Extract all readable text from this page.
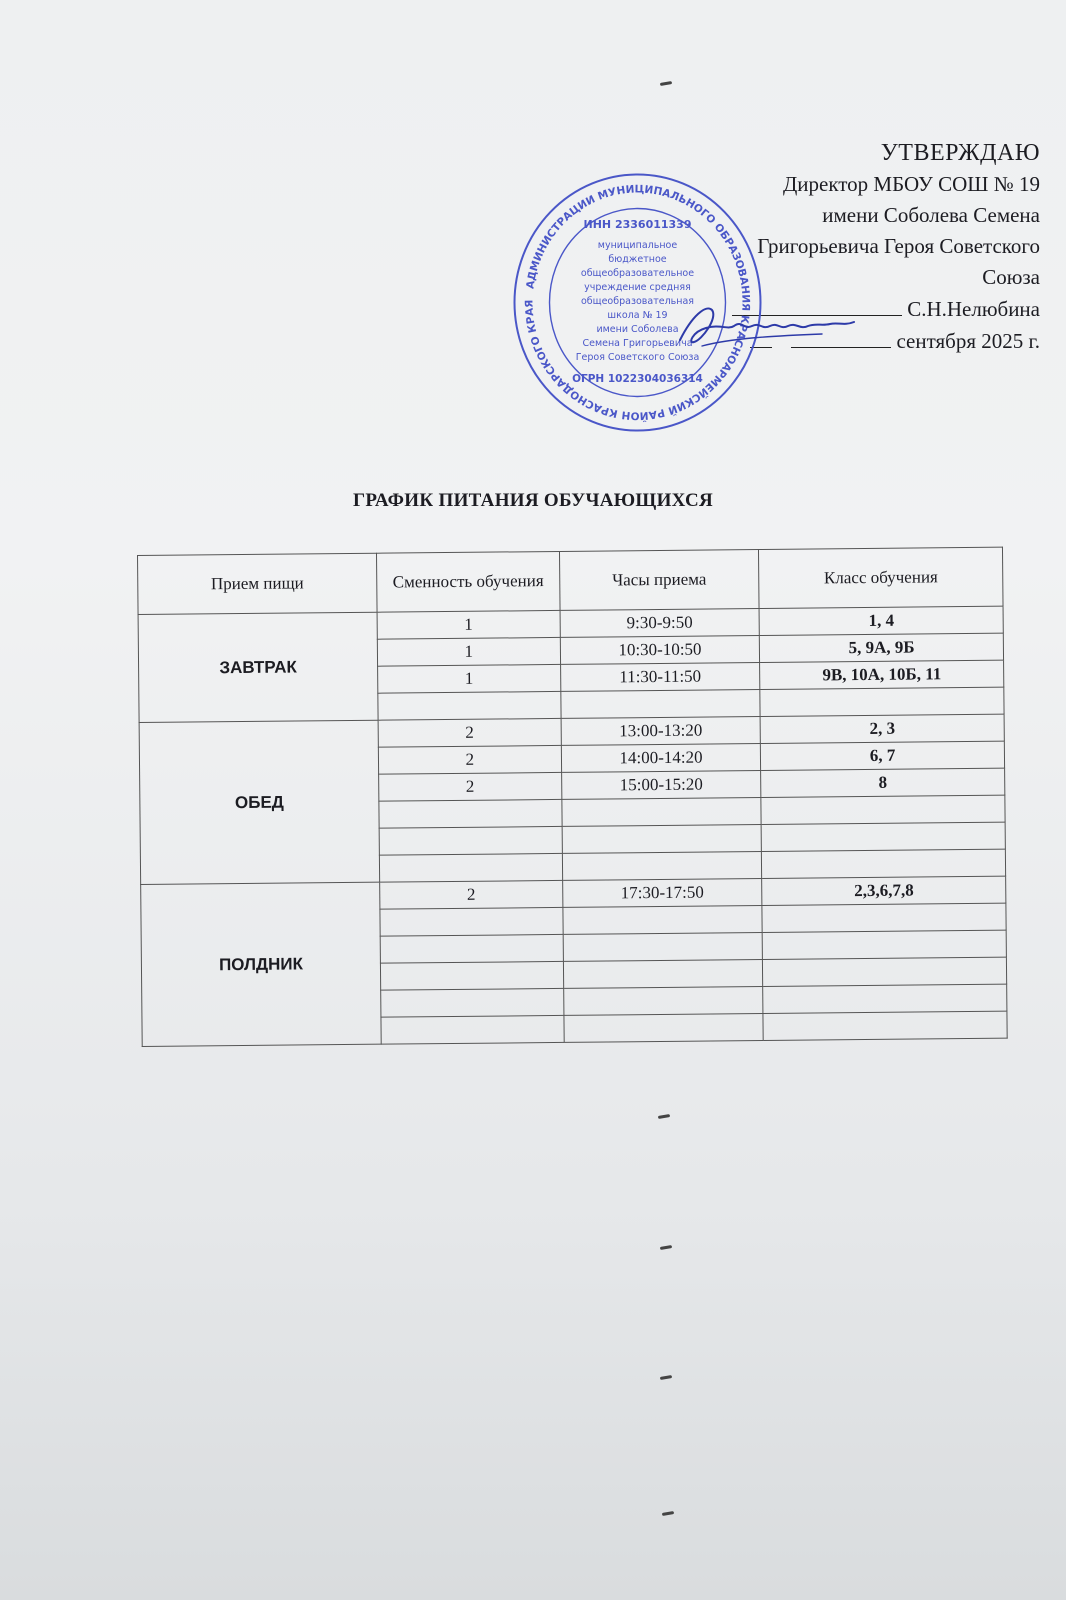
УТВЕРЖДАЮ
Директор МБОУ СОШ № 19
имени Соболева Семена
Григорьевича Героя Советского
Союза
С.Н.Нелюбина
сентября 2025 г.
АДМИНИСТРАЦИИ МУНИЦИПАЛЬНОГО ОБРАЗОВАНИЯ КРАСНОАРМЕЙСКИЙ РАЙОН КРАСНОДАРСКОГО КРАЯ
ИНН 2336011339
муниципальное
бюджетное
общеобразовательное
учреждение средняя
общеобразовательная
школа № 19
имени Соболева
Семена Григорьевича
Героя Советского Союза
ОГРН 1022304036314
ГРАФИК ПИТАНИЯ ОБУЧАЮЩИХСЯ
Прием пищи	Сменность обучения	Часы приема	Класс обучения
ЗАВТРАК	1	9:30-9:50	1, 4
	1	10:30-10:50	5, 9А, 9Б
	1	11:30-11:50	9В, 10А, 10Б, 11

ОБЕД	2	13:00-13:20	2, 3
	2	14:00-14:20	6, 7
	2	15:00-15:20	8

ПОЛДНИК	2	17:30-17:50	2,3,6,7,8
